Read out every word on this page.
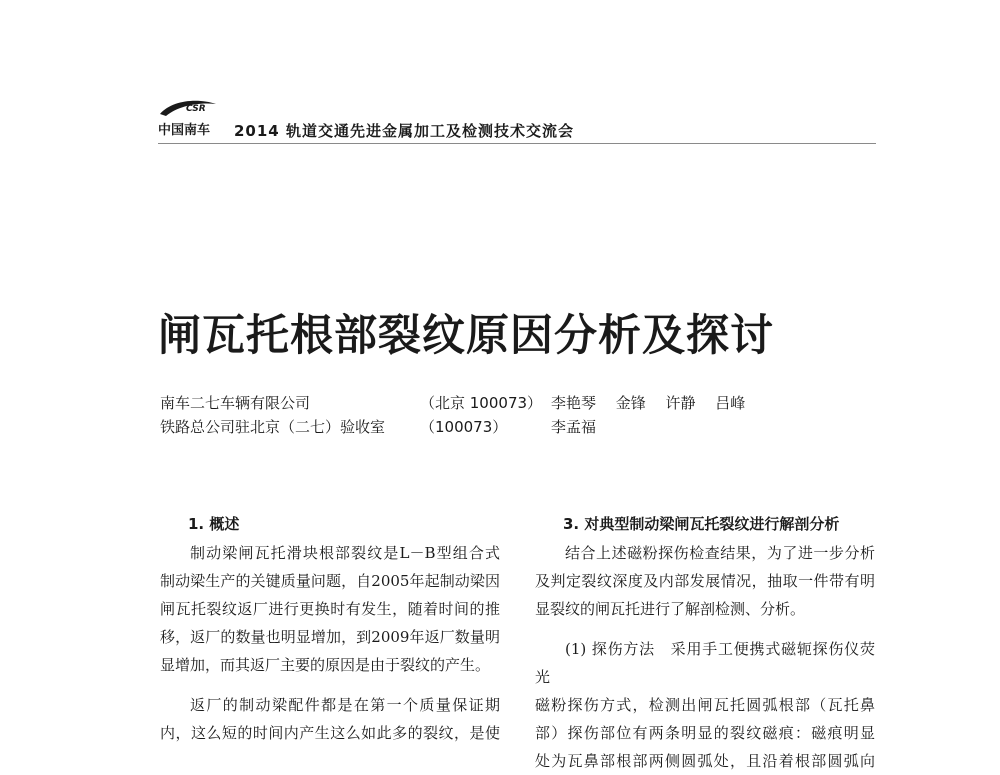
CSR
中国南车 2014 轨道交通先进金属加工及检测技术交流会
闸瓦托根部裂纹原因分析及探讨
南车二七车辆有限公司	（北京 100073） 李艳琴　 金锋　 许静　 吕峰
铁路总公司驻北京（二七）验收室 （100073）	李孟福
1. 概述

制动梁闸瓦托滑块根部裂纹是L－B型组合式

制动梁生产的关键质量问题，自2005年起制动梁因

闸瓦托裂纹返厂进行更换时有发生，随着时间的推

移，返厂的数量也明显增加，到2009年返厂数量明

显增加，而其返厂主要的原因是由于裂纹的产生。

返厂的制动梁配件都是在第一个质量保证期

内，这么短的时间内产生这么如此多的裂纹，是使

3. 对典型制动梁闸瓦托裂纹进行解剖分析

结合上述磁粉探伤检查结果，为了进一步分析

及判定裂纹深度及内部发展情况，抽取一件带有明

显裂纹的闸瓦托进行了解剖检测、分析。

(1) 探伤方法　采用手工便携式磁轭探伤仪荧光

磁粉探伤方式，检测出闸瓦托圆弧根部（瓦托鼻

部）探伤部位有两条明显的裂纹磁痕：磁痕明显

处为瓦鼻部根部两侧圆弧处，且沿着根部圆弧向
